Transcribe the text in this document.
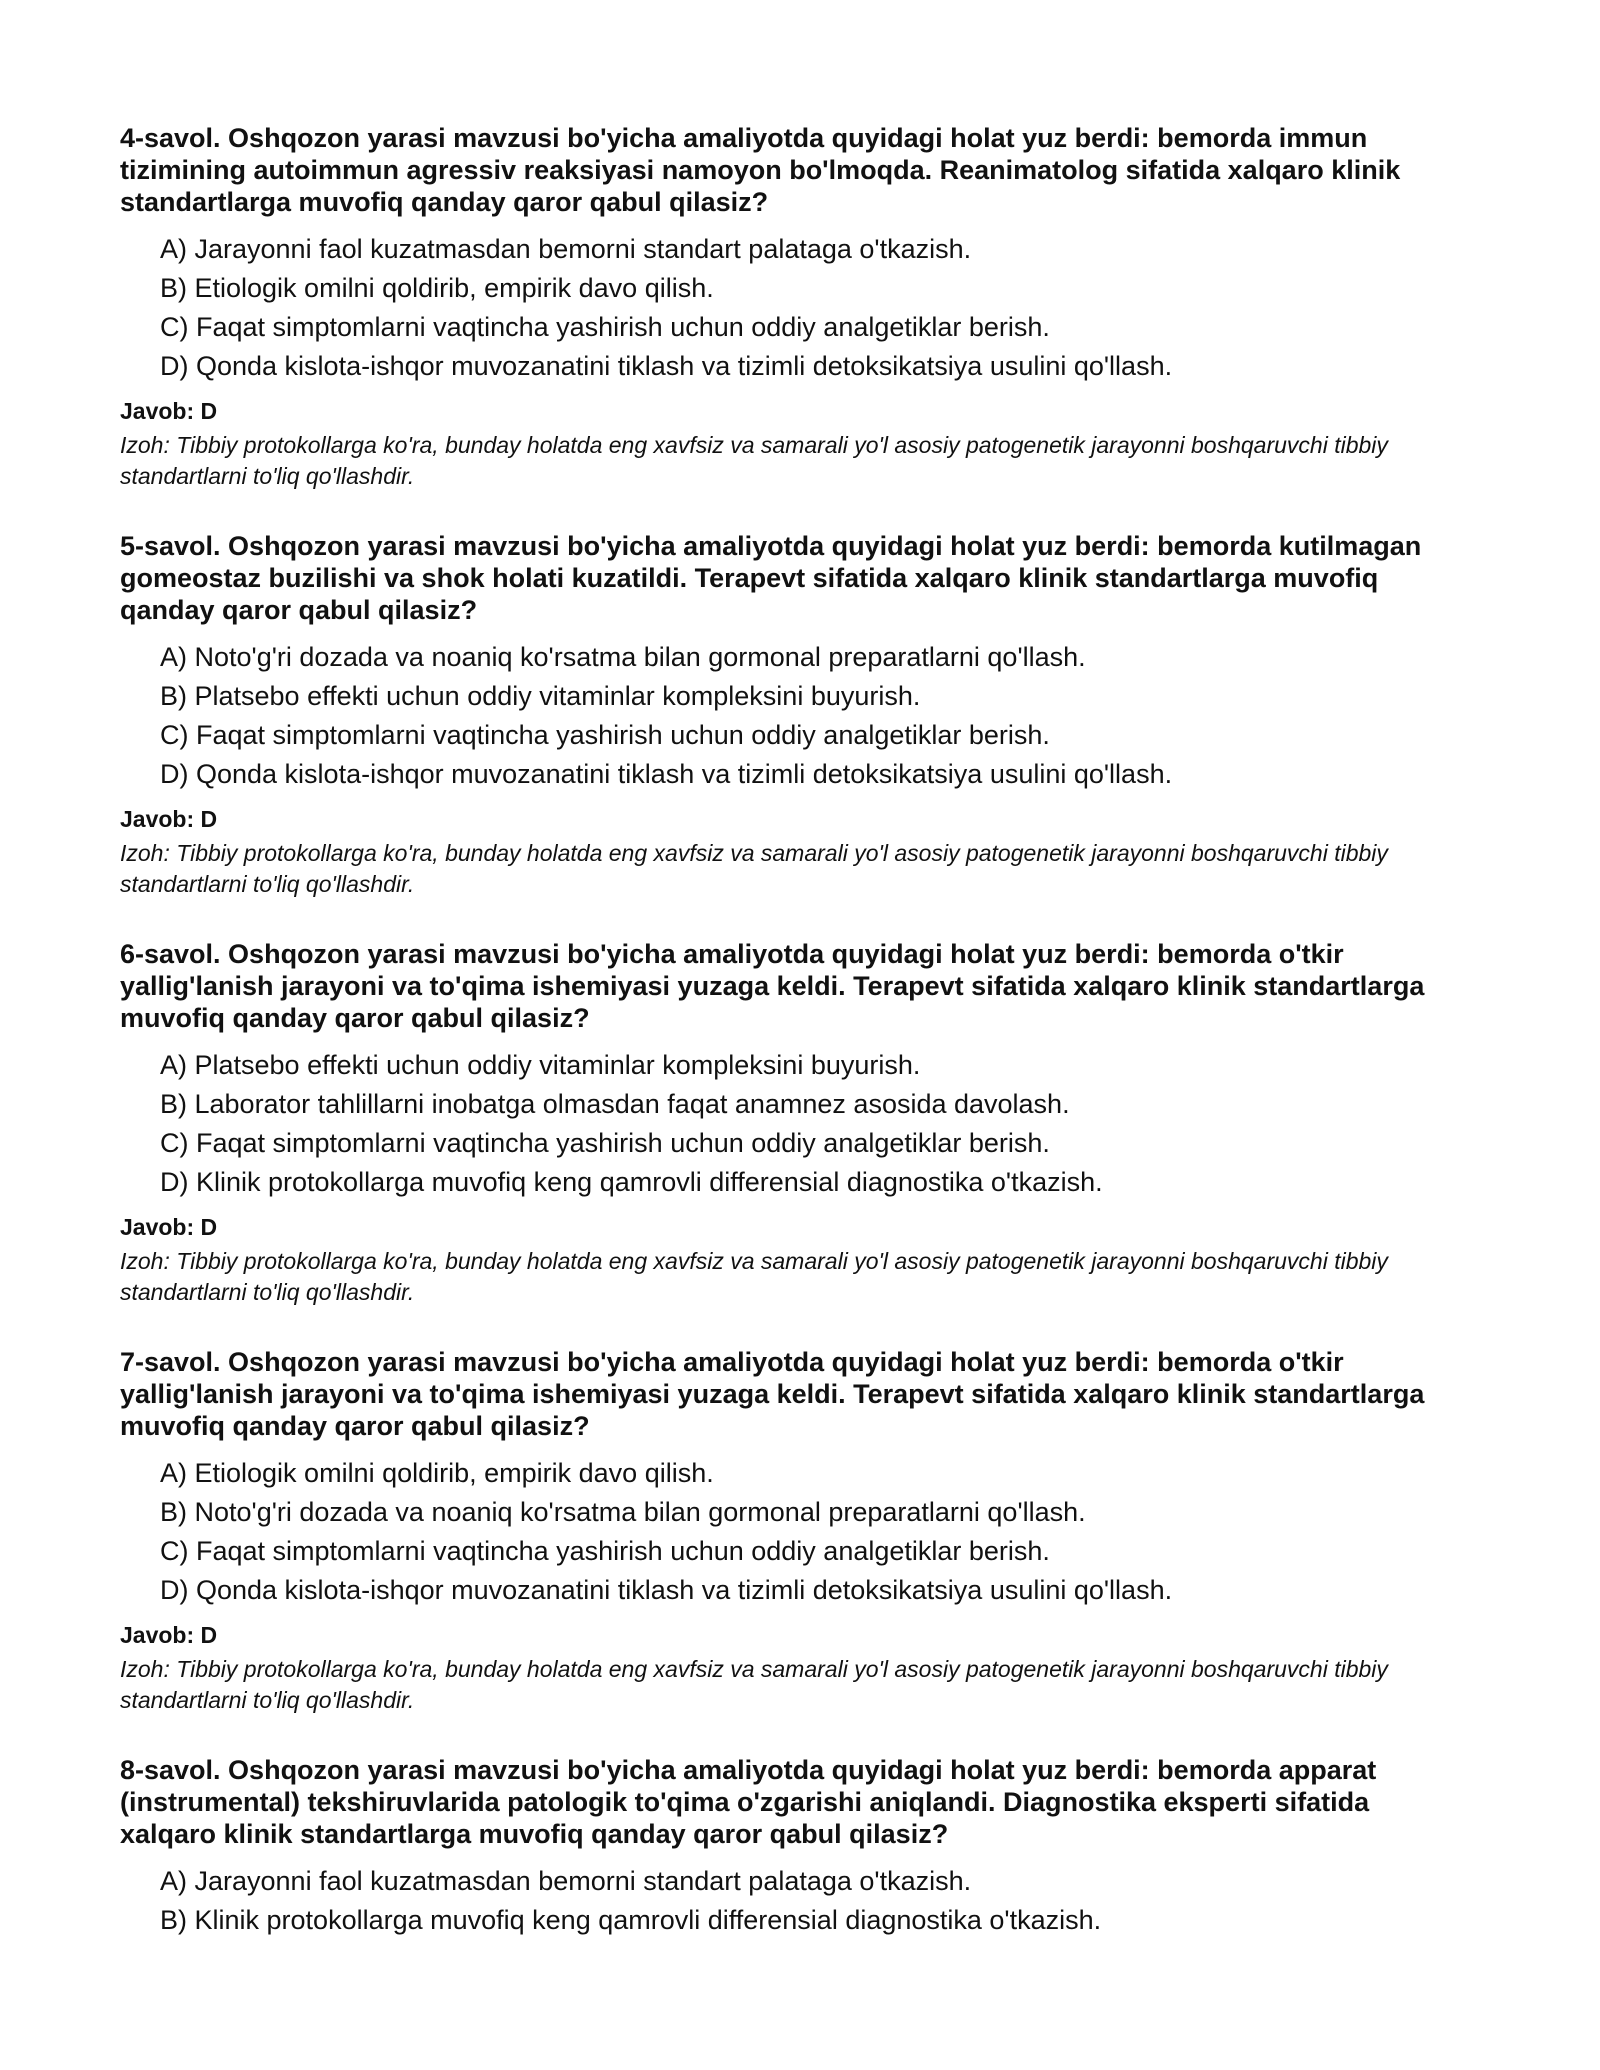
4-savol. Oshqozon yarasi mavzusi bo'yicha amaliyotda quyidagi holat yuz berdi: bemorda immun tizimining autoimmun agressiv reaksiyasi namoyon bo'lmoqda. Reanimatolog sifatida xalqaro klinik standartlarga muvofiq qanday qaror qabul qilasiz?
A) Jarayonni faol kuzatmasdan bemorni standart palataga o'tkazish.
B) Etiologik omilni qoldirib, empirik davo qilish.
C) Faqat simptomlarni vaqtincha yashirish uchun oddiy analgetiklar berish.
D) Qonda kislota-ishqor muvozanatini tiklash va tizimli detoksikatsiya usulini qo'llash.
Javob: D
Izoh: Tibbiy protokollarga ko'ra, bunday holatda eng xavfsiz va samarali yo'l asosiy patogenetik jarayonni boshqaruvchi tibbiy standartlarni to'liq qo'llashdir.
5-savol. Oshqozon yarasi mavzusi bo'yicha amaliyotda quyidagi holat yuz berdi: bemorda kutilmagan gomeostaz buzilishi va shok holati kuzatildi. Terapevt sifatida xalqaro klinik standartlarga muvofiq qanday qaror qabul qilasiz?
A) Noto'g'ri dozada va noaniq ko'rsatma bilan gormonal preparatlarni qo'llash.
B) Platsebo effekti uchun oddiy vitaminlar kompleksini buyurish.
C) Faqat simptomlarni vaqtincha yashirish uchun oddiy analgetiklar berish.
D) Qonda kislota-ishqor muvozanatini tiklash va tizimli detoksikatsiya usulini qo'llash.
Javob: D
Izoh: Tibbiy protokollarga ko'ra, bunday holatda eng xavfsiz va samarali yo'l asosiy patogenetik jarayonni boshqaruvchi tibbiy standartlarni to'liq qo'llashdir.
6-savol. Oshqozon yarasi mavzusi bo'yicha amaliyotda quyidagi holat yuz berdi: bemorda o'tkir yallig'lanish jarayoni va to'qima ishemiyasi yuzaga keldi. Terapevt sifatida xalqaro klinik standartlarga muvofiq qanday qaror qabul qilasiz?
A) Platsebo effekti uchun oddiy vitaminlar kompleksini buyurish.
B) Laborator tahlillarni inobatga olmasdan faqat anamnez asosida davolash.
C) Faqat simptomlarni vaqtincha yashirish uchun oddiy analgetiklar berish.
D) Klinik protokollarga muvofiq keng qamrovli differensial diagnostika o'tkazish.
Javob: D
Izoh: Tibbiy protokollarga ko'ra, bunday holatda eng xavfsiz va samarali yo'l asosiy patogenetik jarayonni boshqaruvchi tibbiy standartlarni to'liq qo'llashdir.
7-savol. Oshqozon yarasi mavzusi bo'yicha amaliyotda quyidagi holat yuz berdi: bemorda o'tkir yallig'lanish jarayoni va to'qima ishemiyasi yuzaga keldi. Terapevt sifatida xalqaro klinik standartlarga muvofiq qanday qaror qabul qilasiz?
A) Etiologik omilni qoldirib, empirik davo qilish.
B) Noto'g'ri dozada va noaniq ko'rsatma bilan gormonal preparatlarni qo'llash.
C) Faqat simptomlarni vaqtincha yashirish uchun oddiy analgetiklar berish.
D) Qonda kislota-ishqor muvozanatini tiklash va tizimli detoksikatsiya usulini qo'llash.
Javob: D
Izoh: Tibbiy protokollarga ko'ra, bunday holatda eng xavfsiz va samarali yo'l asosiy patogenetik jarayonni boshqaruvchi tibbiy standartlarni to'liq qo'llashdir.
8-savol. Oshqozon yarasi mavzusi bo'yicha amaliyotda quyidagi holat yuz berdi: bemorda apparat (instrumental) tekshiruvlarida patologik to'qima o'zgarishi aniqlandi. Diagnostika eksperti sifatida xalqaro klinik standartlarga muvofiq qanday qaror qabul qilasiz?
A) Jarayonni faol kuzatmasdan bemorni standart palataga o'tkazish.
B) Klinik protokollarga muvofiq keng qamrovli differensial diagnostika o'tkazish.
